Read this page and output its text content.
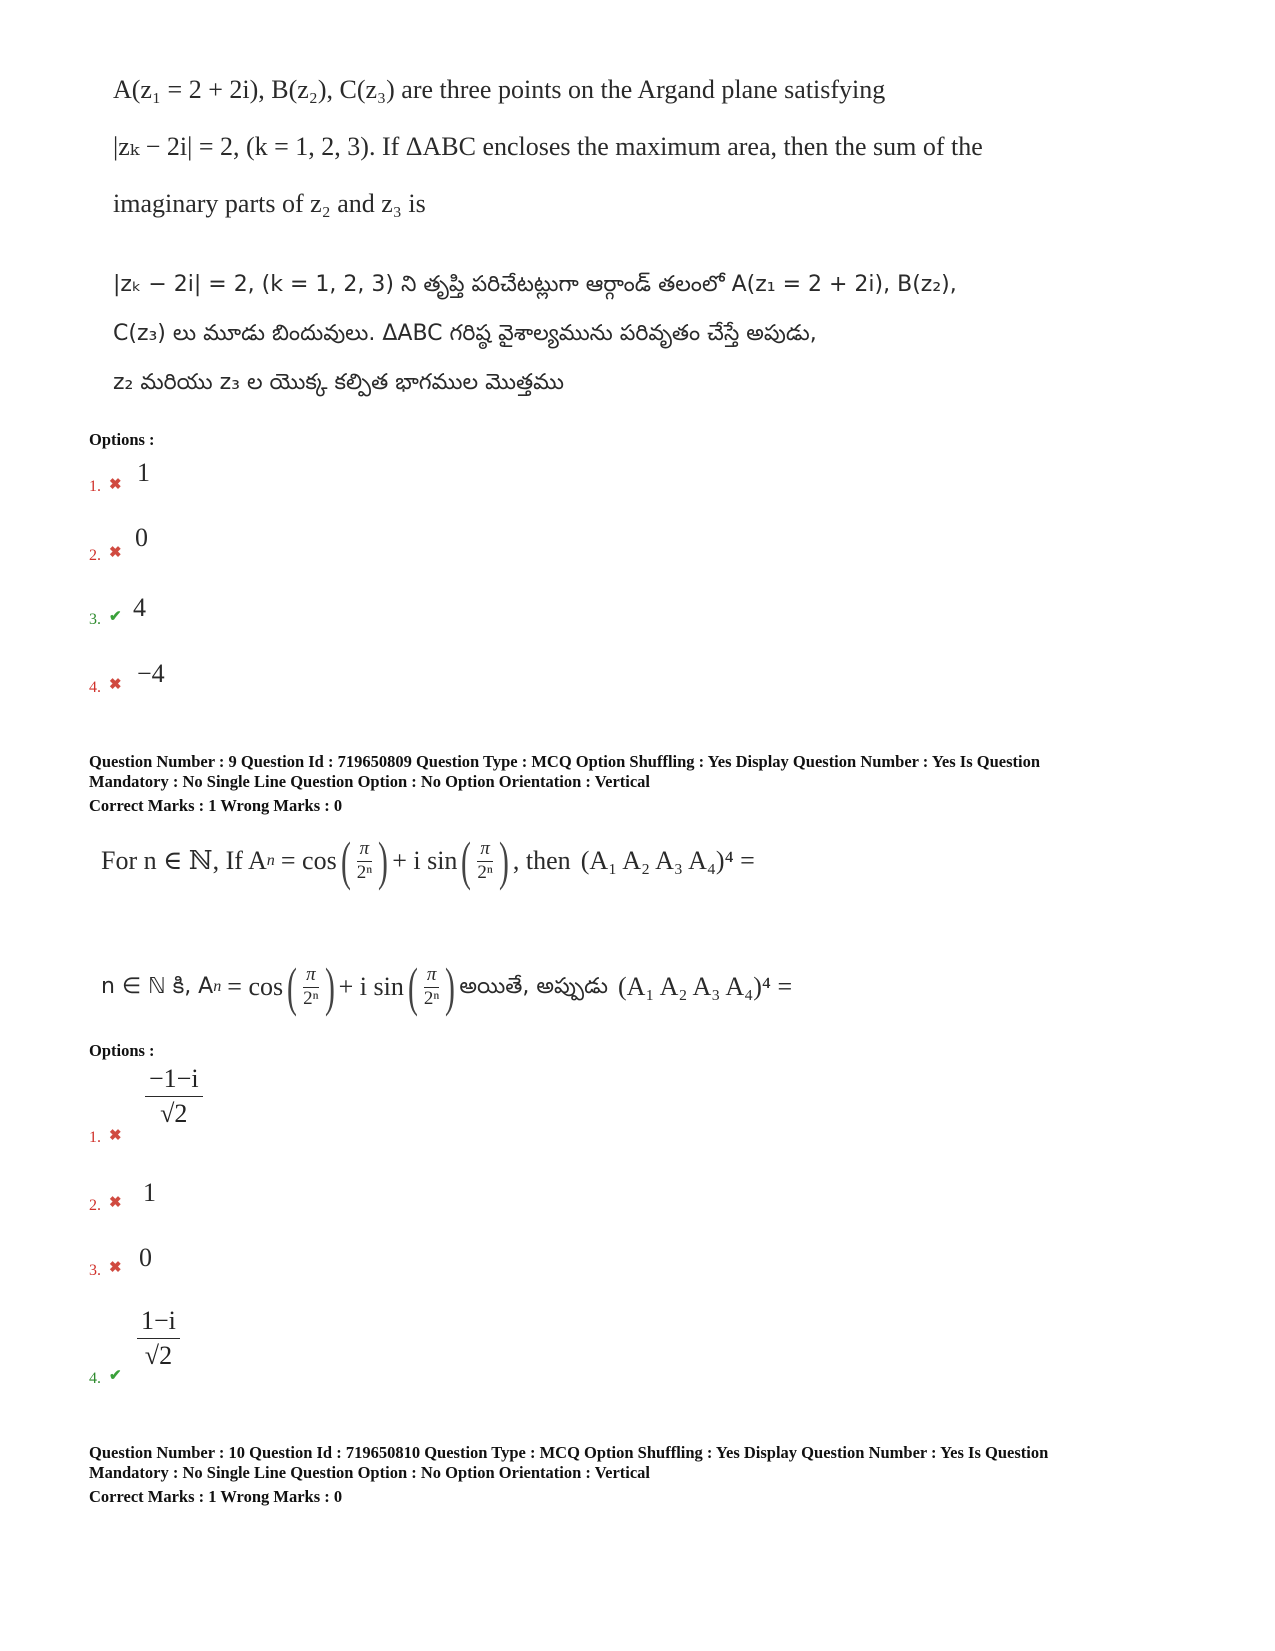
A(z₁ = 2 + 2i), B(z₂), C(z₃) are three points on the Argand plane satisfying
|zₖ − 2i| = 2, (k = 1, 2, 3). If ΔABC encloses the maximum area, then the sum of the
imaginary parts of z₂ and z₃ is
|zₖ − 2i| = 2, (k = 1, 2, 3) ని తృప్తి పరిచేటట్లుగా ఆర్గాండ్ తలంలో A(z₁ = 2 + 2i), B(z₂),
C(z₃) లు మూడు బిందువులు. ΔABC గరిష్ఠ వైశాల్యమును పరివృతం చేస్తే అపుడు,
z₂ మరియు z₃ ల యొక్క కల్పిత భాగముల మొత్తము
Options :
1. ✖ 1
2. ✖
0
3. ✔ 4
4. ✖ −4
Question Number : 9 Question Id : 719650809 Question Type : MCQ Option Shuffling : Yes Display Question Number : Yes Is Question
Mandatory : No Single Line Question Option : No Option Orientation : Vertical
Correct Marks : 1 Wrong Marks : 0
For n ∈ ℕ, If A n = cos ( $\frac{\pi}{\text{2ⁿ}}$ ) + i sin ( $\frac{\pi}{\text{2ⁿ}}$ ) , then (A₁ A₂ A₃ A₄)⁴ =
n ∈ ℕ కి, A n = cos ( $\frac{\pi}{\text{2ⁿ}}$ ) + i sin ( $\frac{\pi}{\text{2ⁿ}}$ ) అయితే, అప్పుడు (A₁ A₂ A₃ A₄)⁴ =
Options :
1. ✖
$\frac{-1-i}{√2}$
2. ✖ 1
3. ✖ 0
4. ✔
$\frac{1-i}{√2}$
Question Number : 10 Question Id : 719650810 Question Type : MCQ Option Shuffling : Yes Display Question Number : Yes Is Question
Mandatory : No Single Line Question Option : No Option Orientation : Vertical
Correct Marks : 1 Wrong Marks : 0
